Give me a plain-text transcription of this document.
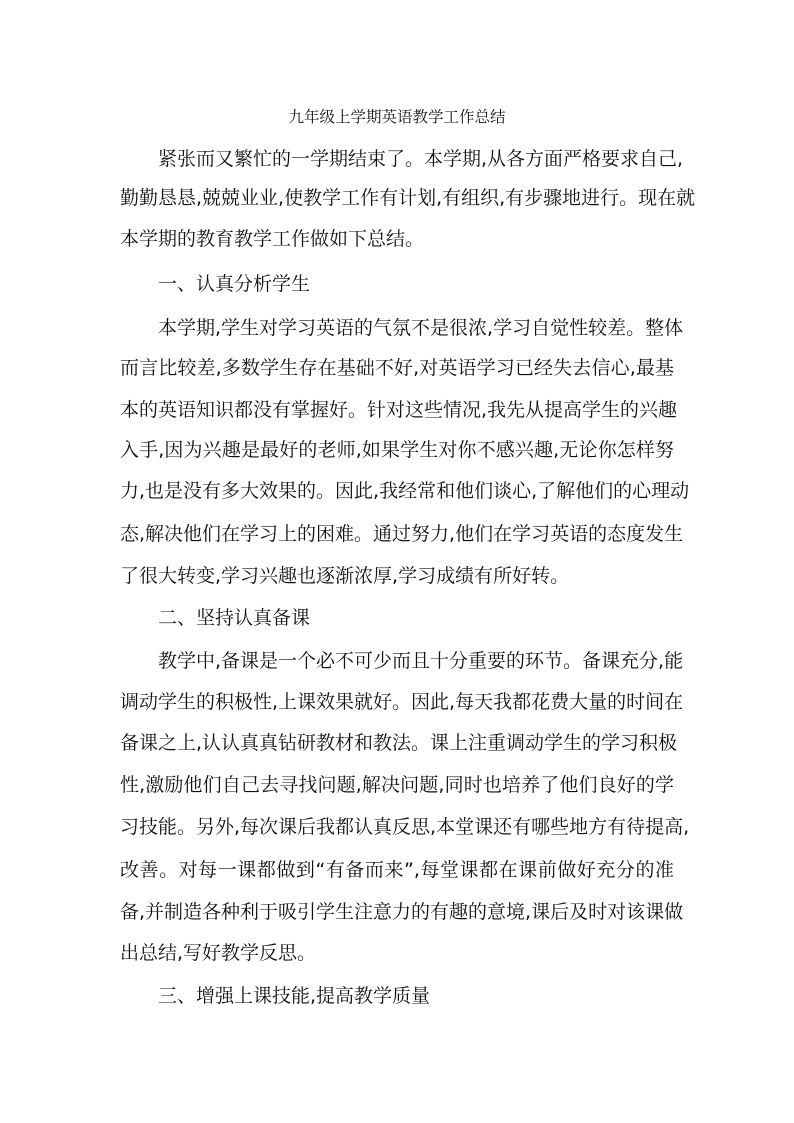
九年级上学期英语教学工作总结

紧张而又繁忙的一学期结束了。本学期,从各方面严格要求自己,

勤勤恳恳,兢兢业业,使教学工作有计划,有组织,有步骤地进行。现在就

本学期的教育教学工作做如下总结。

一、认真分析学生

本学期,学生对学习英语的气氛不是很浓,学习自觉性较差。整体

而言比较差,多数学生存在基础不好,对英语学习已经失去信心,最基

本的英语知识都没有掌握好。针对这些情况,我先从提高学生的兴趣

入手,因为兴趣是最好的老师,如果学生对你不感兴趣,无论你怎样努

力,也是没有多大效果的。因此,我经常和他们谈心,了解他们的心理动

态,解决他们在学习上的困难。通过努力,他们在学习英语的态度发生

了很大转变,学习兴趣也逐渐浓厚,学习成绩有所好转。

二、坚持认真备课

教学中,备课是一个必不可少而且十分重要的环节。备课充分,能

调动学生的积极性,上课效果就好。因此,每天我都花费大量的时间在

备课之上,认认真真钻研教材和教法。课上注重调动学生的学习积极

性,激励他们自己去寻找问题,解决问题,同时也培养了他们良好的学

习技能。另外,每次课后我都认真反思,本堂课还有哪些地方有待提高,

改善。对每一课都做到“有备而来”,每堂课都在课前做好充分的准

备,并制造各种利于吸引学生注意力的有趣的意境,课后及时对该课做

出总结,写好教学反思。

三、增强上课技能,提高教学质量
